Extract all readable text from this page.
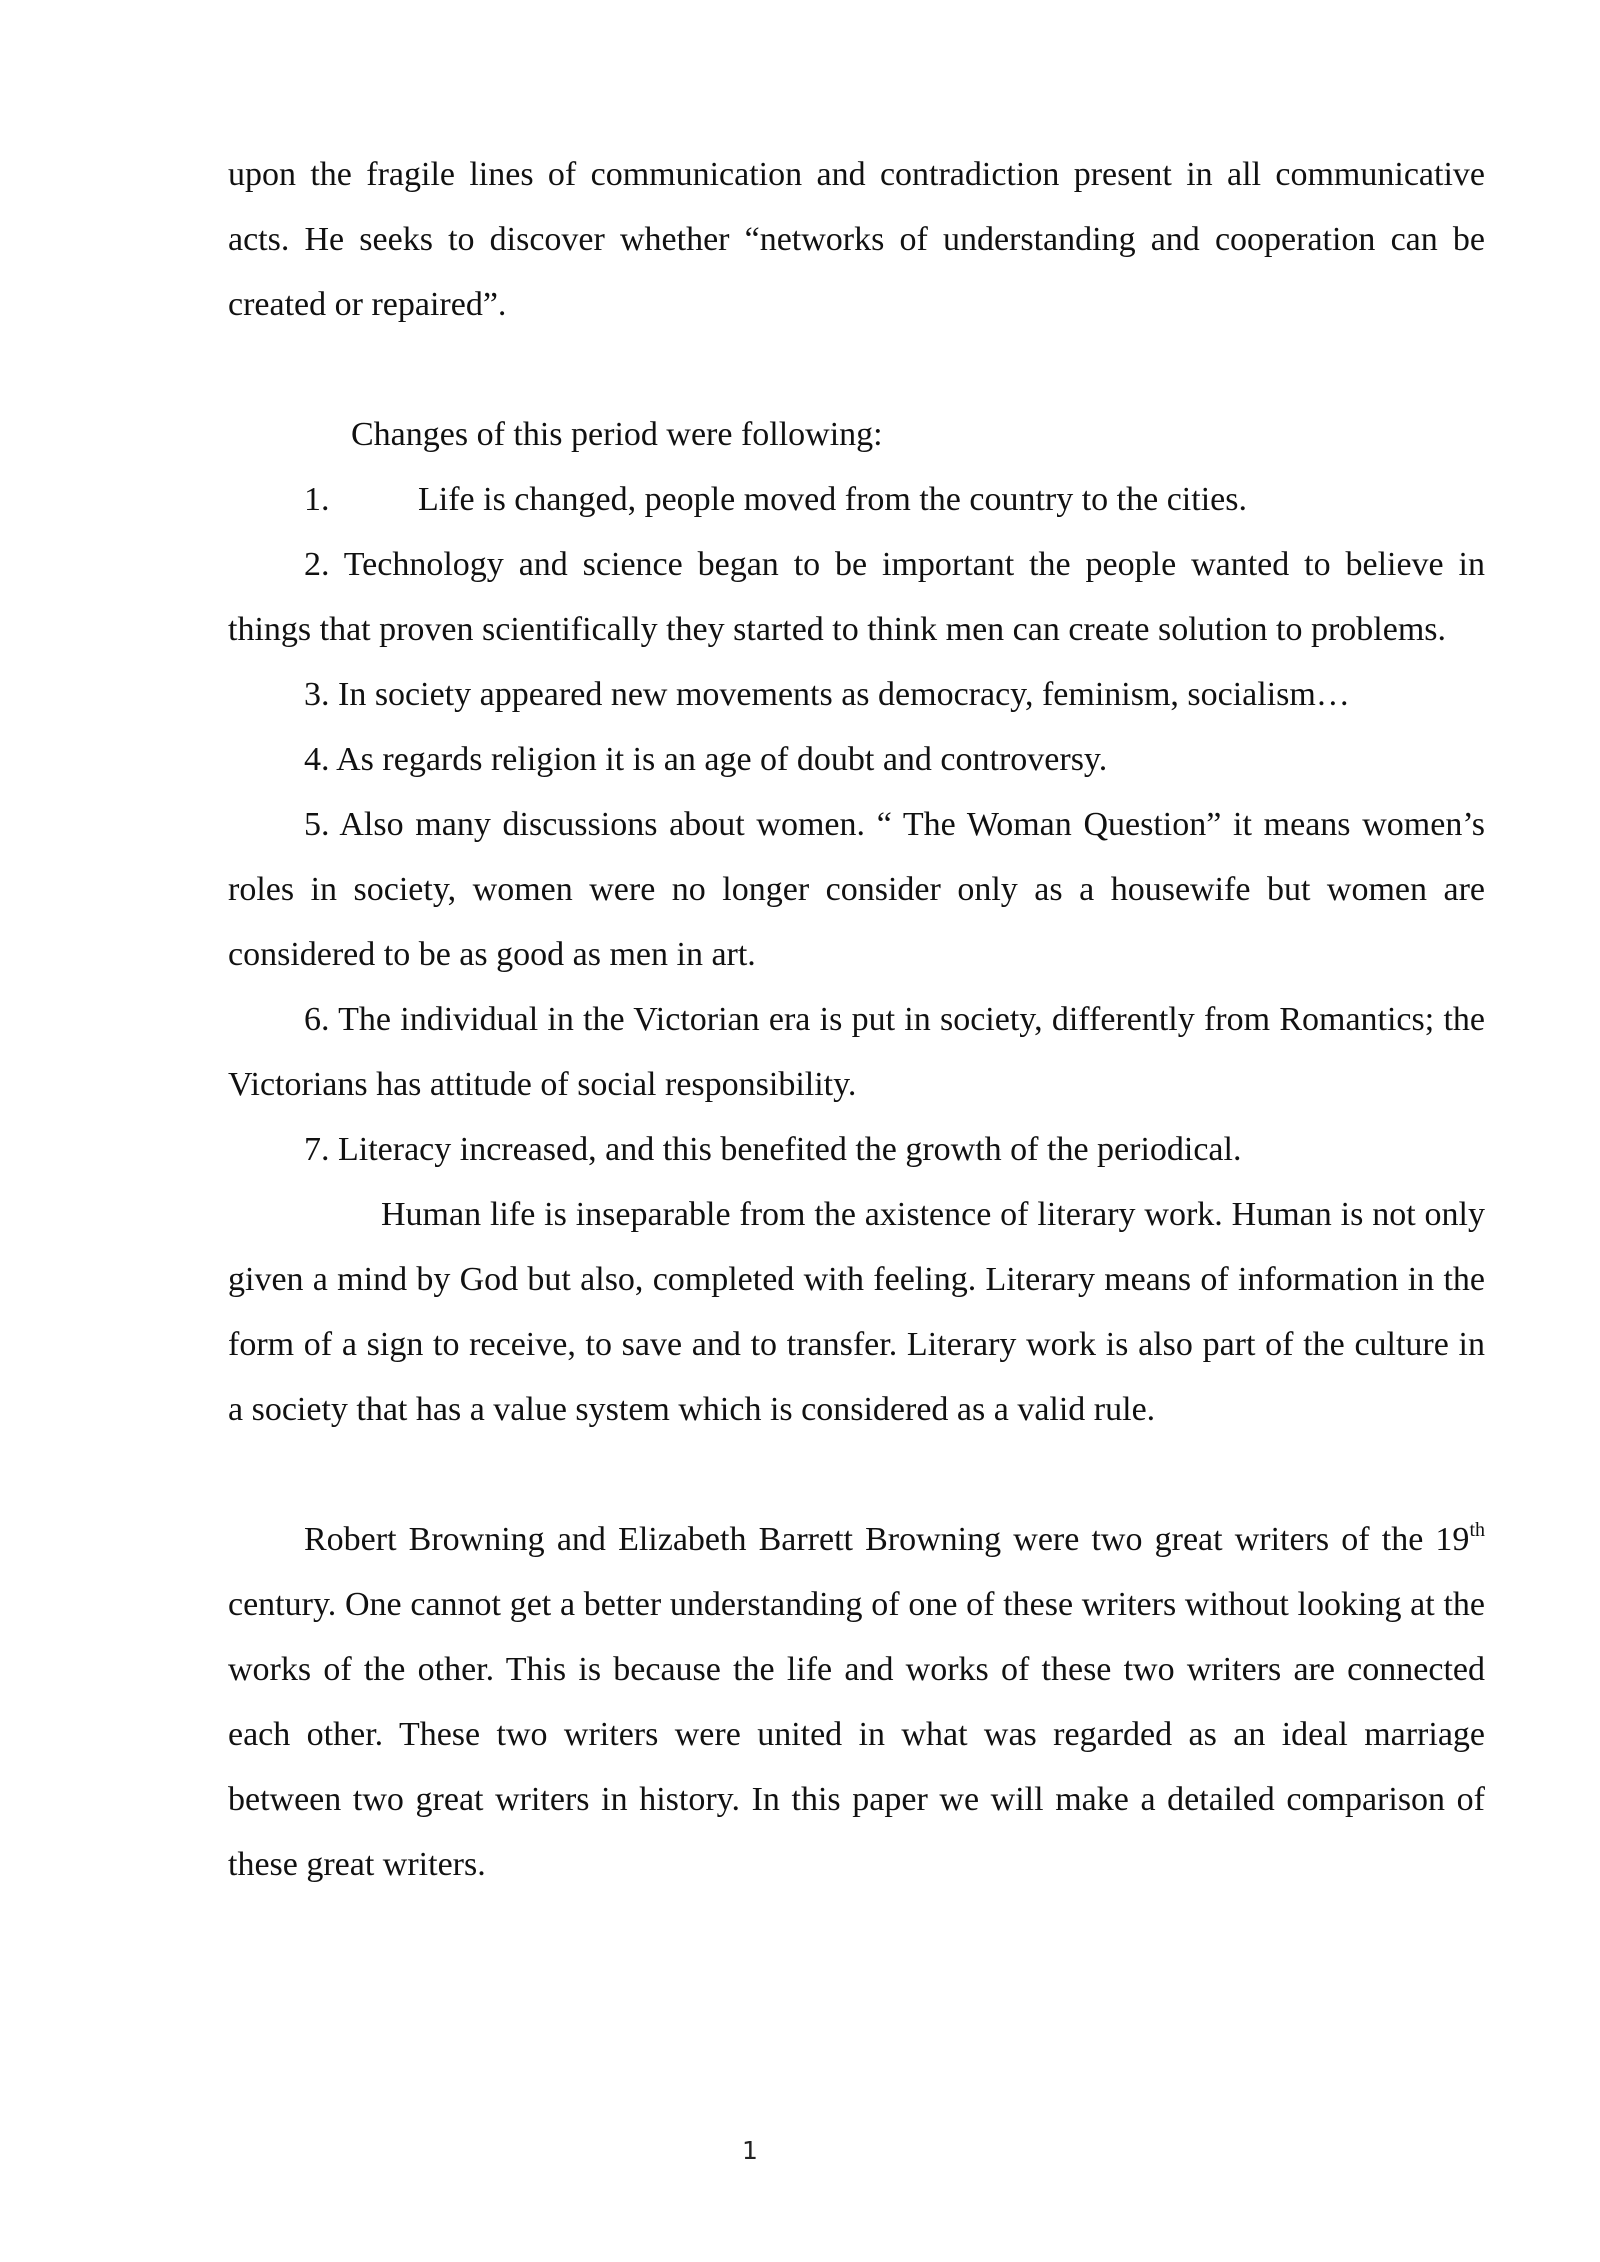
upon the fragile lines of communication and contradiction present in all communicative acts. He seeks to discover whether “networks of understanding and cooperation can be created or repaired”.

Changes of this period were following:

1.	Life is changed, people moved from the country to the cities.

2. Technology and science began to be important the people wanted to believe in things that proven scientifically they started to think men can create solution to problems.

3. In society appeared new movements as democracy, feminism, socialism…

4. As regards religion it is an age of doubt and controversy.

5. Also many discussions about women. “ The Woman Question” it means women’s roles in society, women were no longer consider only as a housewife but women are considered to be as good as men in art.

6. The individual in the Victorian era is put in society, differently from Romantics; the Victorians has attitude of social responsibility.

7. Literacy increased, and this benefited the growth of the periodical.

Human life is inseparable from the axistence of literary work. Human is not only given a mind by God but also, completed with feeling. Literary means of information in the form of a sign to receive, to save and to transfer. Literary work is also part of the culture in a society that has a value system which is considered as a valid rule.

Robert Browning and Elizabeth Barrett Browning were two great writers of the 19th century. One cannot get a better understanding of one of these writers without looking at the works of the other. This is because the life and works of these two writers are connected each other. These two writers were united in what was regarded as an ideal marriage between two great writers in history. In this paper we will make a detailed comparison of these great writers.

1
